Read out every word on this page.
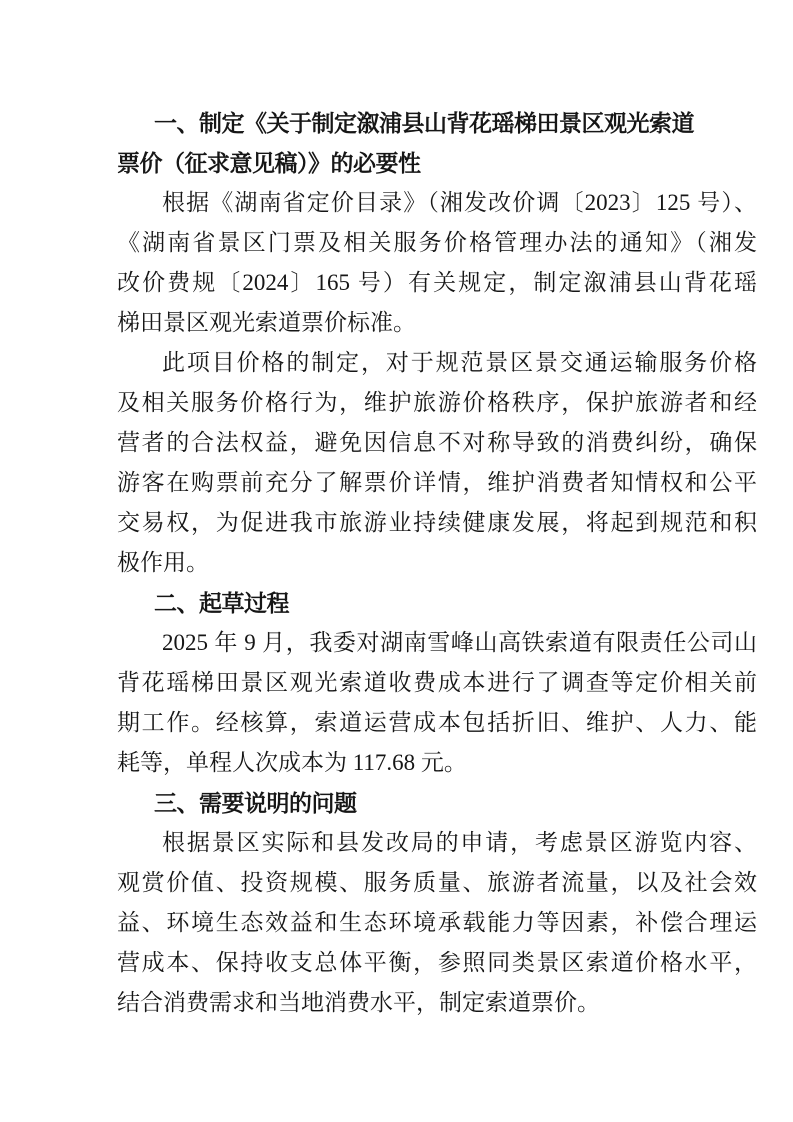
一、制定《关于制定溆浦县山背花瑶梯田景区观光索道
票价（征求意见稿）》的必要性
根据《湖南省定价目录》（湘发改价调〔2023〕125 号）、
《湖南省景区门票及相关服务价格管理办法的通知》（湘发
改价费规〔2024〕165 号）有关规定，制定溆浦县山背花瑶
梯田景区观光索道票价标准。
此项目价格的制定，对于规范景区景交通运输服务价格
及相关服务价格行为，维护旅游价格秩序，保护旅游者和经
营者的合法权益，避免因信息不对称导致的消费纠纷，确保
游客在购票前充分了解票价详情，维护消费者知情权和公平
交易权，为促进我市旅游业持续健康发展，将起到规范和积
极作用。
二、起草过程
2025 年 9 月，我委对湖南雪峰山高铁索道有限责任公司山
背花瑶梯田景区观光索道收费成本进行了调查等定价相关前
期工作。经核算，索道运营成本包括折旧、维护、人力、能
耗等，单程人次成本为 117.68 元。
三、需要说明的问题
根据景区实际和县发改局的申请，考虑景区游览内容、
观赏价值、投资规模、服务质量、旅游者流量，以及社会效
益、环境生态效益和生态环境承载能力等因素，补偿合理运
营成本、保持收支总体平衡，参照同类景区索道价格水平，
结合消费需求和当地消费水平，制定索道票价。
